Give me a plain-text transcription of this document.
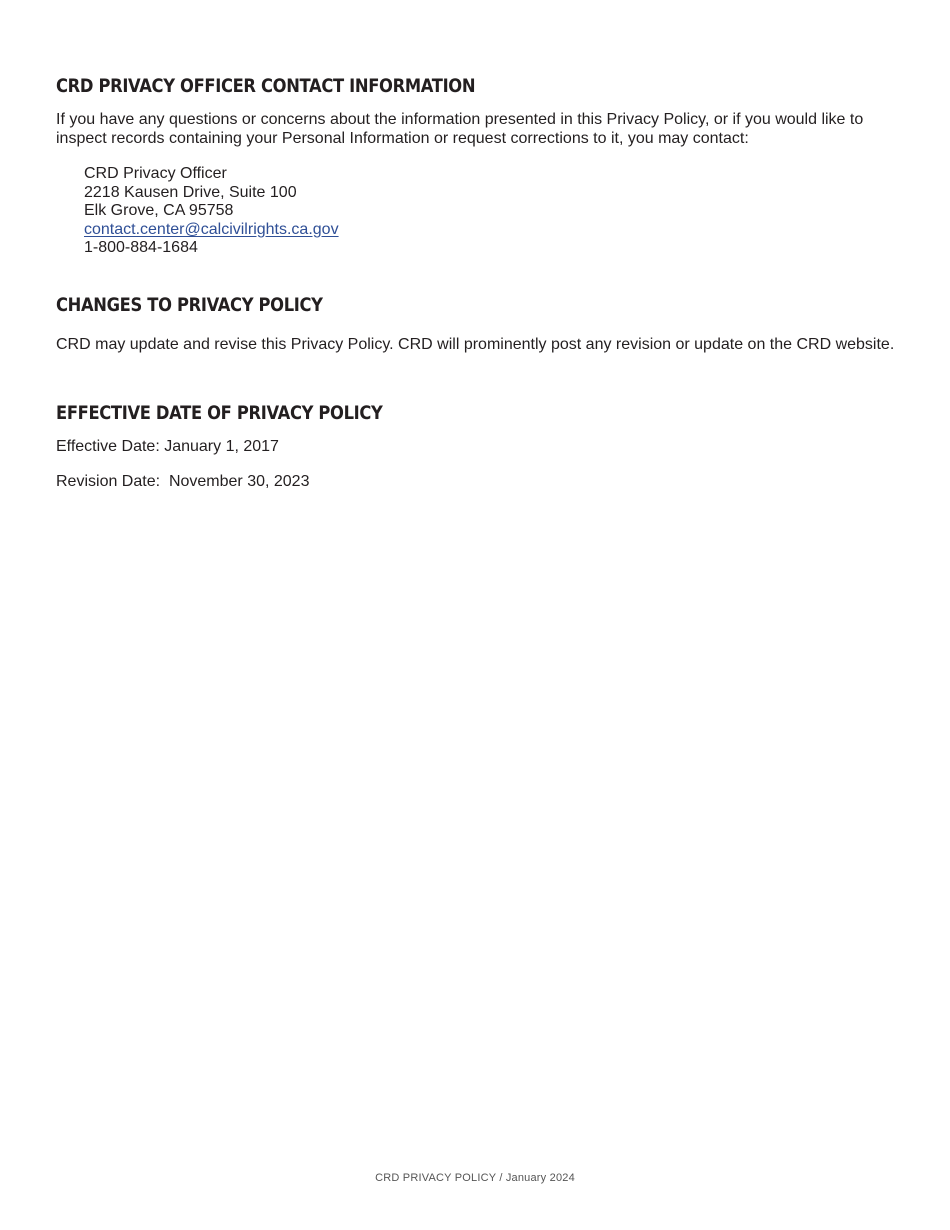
CRD PRIVACY OFFICER CONTACT INFORMATION

If you have any questions or concerns about the information presented in this Privacy Policy, or if you would like to inspect records containing your Personal Information or request corrections to it, you may contact:

CRD Privacy Officer
2218 Kausen Drive, Suite 100
Elk Grove, CA 95758
contact.center@calcivilrights.ca.gov
1-800-884-1684
CHANGES TO PRIVACY POLICY

CRD may update and revise this Privacy Policy. CRD will prominently post any revision or update on the CRD website.

EFFECTIVE DATE OF PRIVACY POLICY

Effective Date: January 1, 2017

Revision Date:  November 30, 2023

CRD PRIVACY POLICY / January 2024
